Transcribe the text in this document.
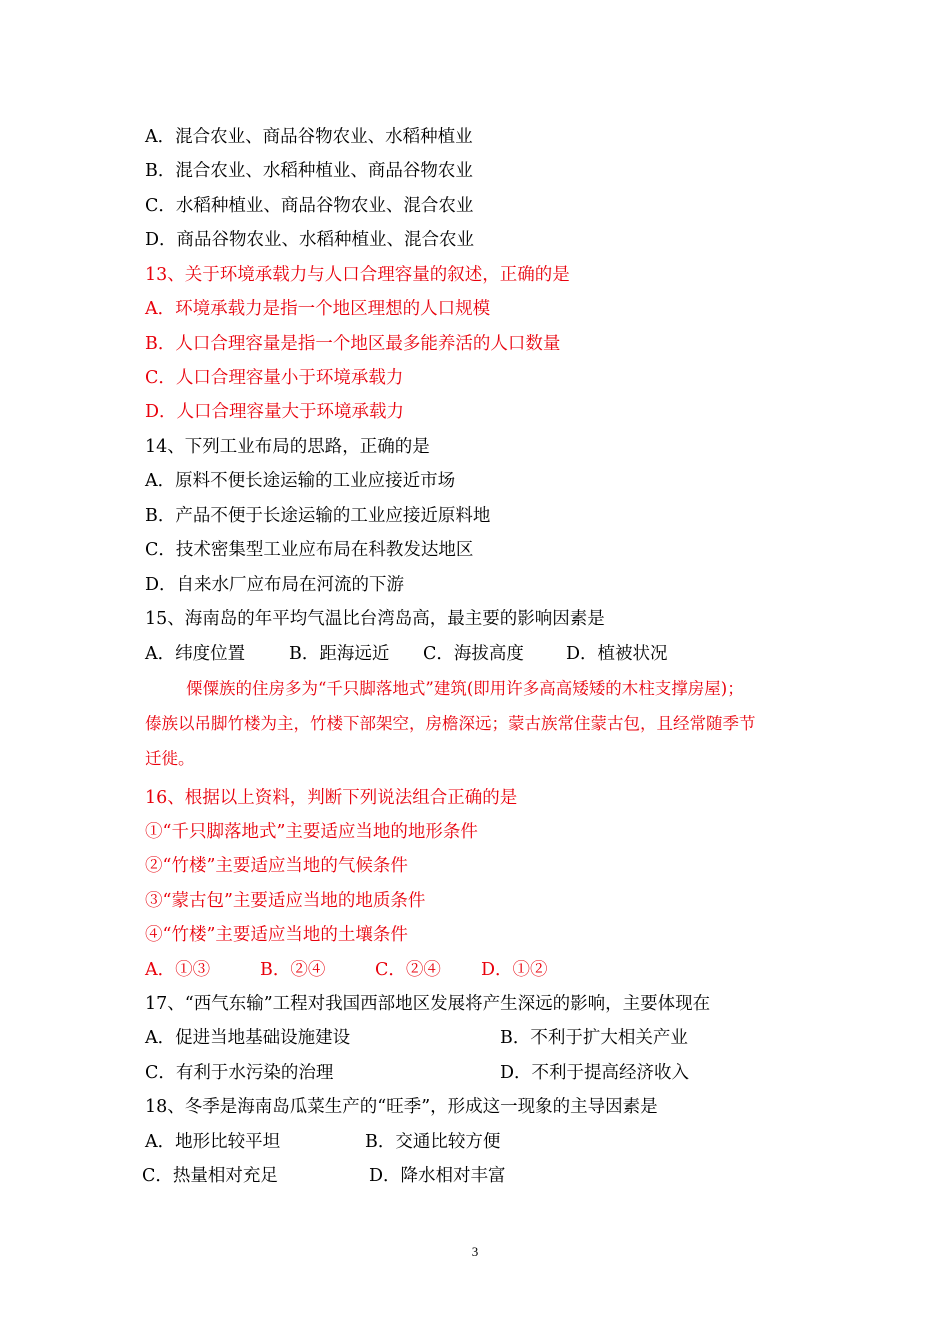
A．混合农业、商品谷物农业、水稻种植业
B．混合农业、水稻种植业、商品谷物农业
C．水稻种植业、商品谷物农业、混合农业
D．商品谷物农业、水稻种植业、混合农业
13、关于环境承载力与人口合理容量的叙述，正确的是
A．环境承载力是指一个地区理想的人口规模
B．人口合理容量是指一个地区最多能养活的人口数量
C．人口合理容量小于环境承载力
D．人口合理容量大于环境承载力
14、下列工业布局的思路，正确的是
A．原料不便长途运输的工业应接近市场
B．产品不便于长途运输的工业应接近原料地
C．技术密集型工业应布局在科教发达地区
D．自来水厂应布局在河流的下游
15、海南岛的年平均气温比台湾岛高，最主要的影响因素是
A．纬度位置	B．距海远近 C．海拔高度 D．植被状况
傈僳族的住房多为“千只脚落地式”建筑(即用许多高高矮矮的木柱支撑房屋)；
傣族以吊脚竹楼为主，竹楼下部架空，房檐深远；蒙古族常住蒙古包，且经常随季节
迁徙。
16、根据以上资料，判断下列说法组合正确的是
①“千只脚落地式”主要适应当地的地形条件
②“竹楼”主要适应当地的气候条件
③“蒙古包”主要适应当地的地质条件
④“竹楼”主要适应当地的土壤条件
A．①③	B．②④	C．②④ D．①②
17、“西气东输”工程对我国西部地区发展将产生深远的影响，主要体现在
A．促进当地基础设施建设	B．不利于扩大相关产业
C．有利于水污染的治理	D．不利于提高经济收入
18、冬季是海南岛瓜菜生产的“旺季”，形成这一现象的主导因素是
A．地形比较平坦	B．交通比较方便
C．热量相对充足	D．降水相对丰富
3
